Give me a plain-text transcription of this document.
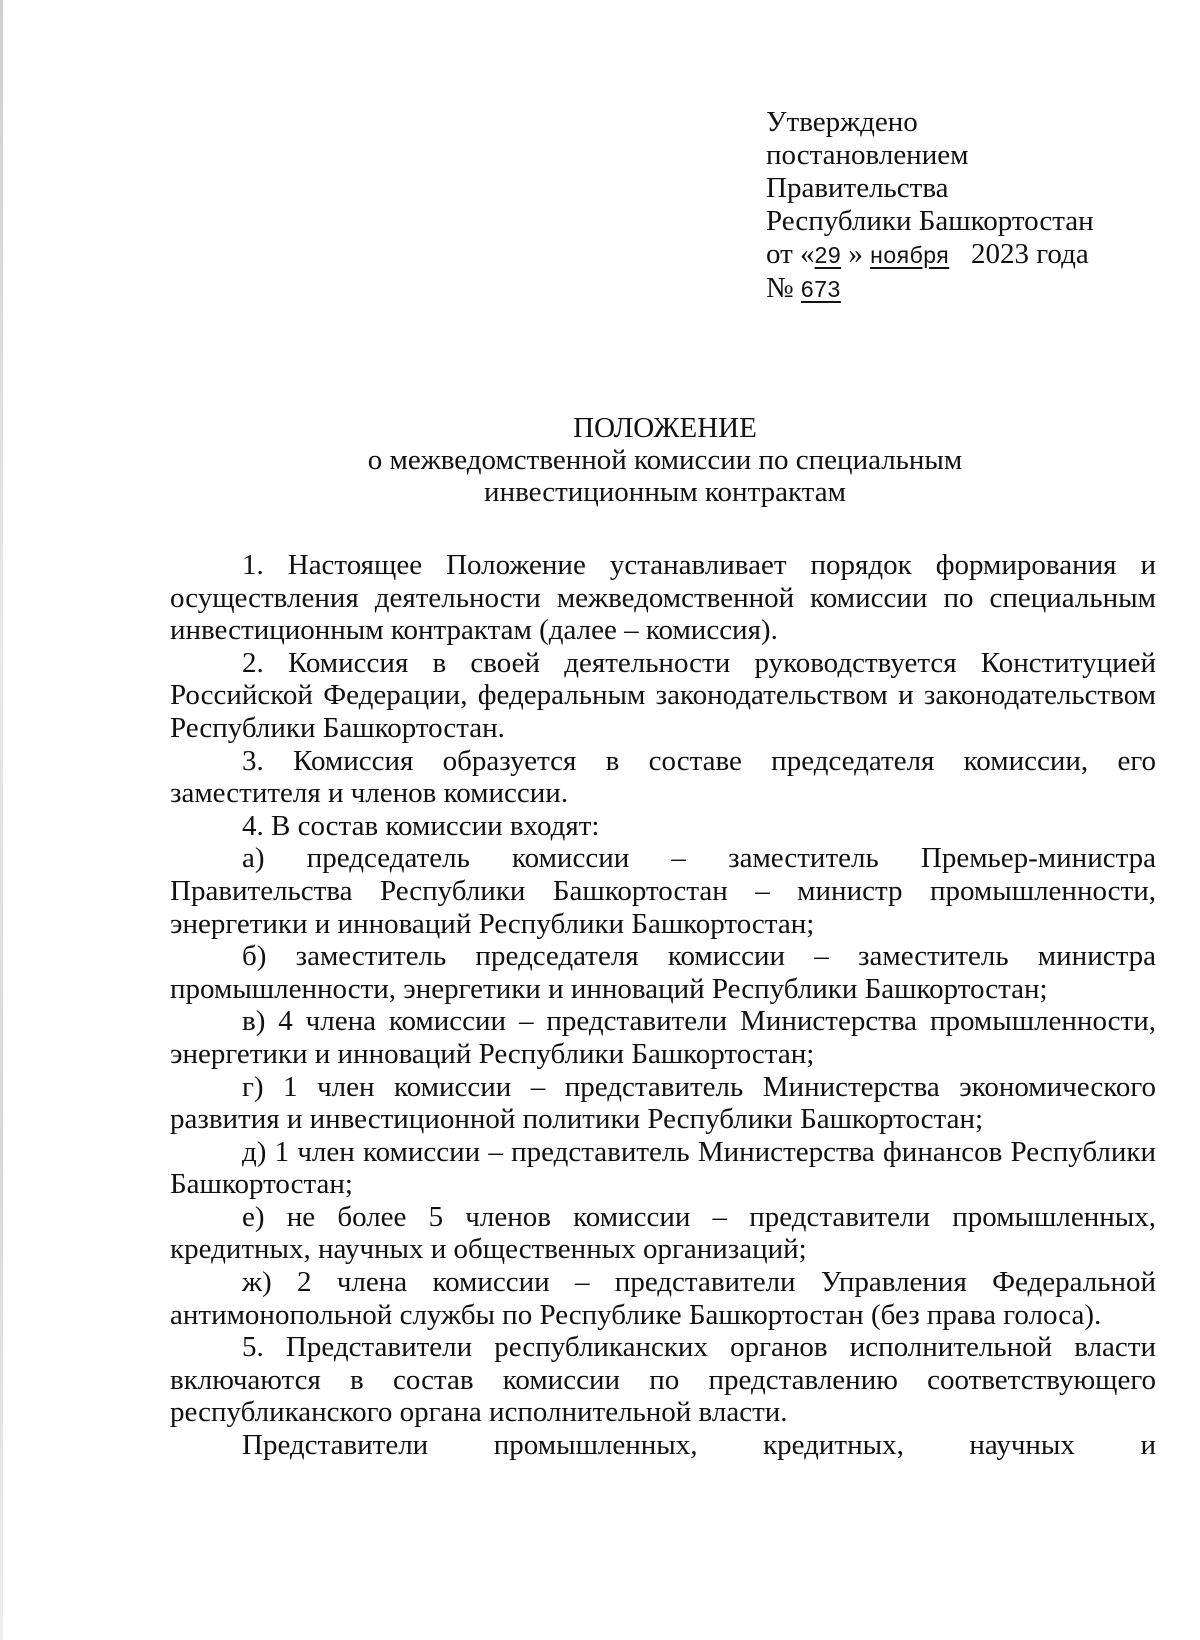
Утверждено
постановлением
Правительства
Республики Башкортостан
от «29 » ноября 2023 года
№ 673
ПОЛОЖЕНИЕ
о межведомственной комиссии по специальным
инвестиционным контрактам

1. Настоящее Положение устанавливает порядок формирования и осуществления деятельности межведомственной комиссии по специальным инвестиционным контрактам (далее – комиссия).

2. Комиссия в своей деятельности руководствуется Конституцией Российской Федерации, федеральным законодательством и законодательством Республики Башкортостан.

3. Комиссия образуется в составе председателя комиссии, его заместителя и членов комиссии.

4. В состав комиссии входят:

а) председатель комиссии – заместитель Премьер-министра Правительства Республики Башкортостан – министр промышленности, энергетики и инноваций Республики Башкортостан;

б) заместитель председателя комиссии – заместитель министра промышленности, энергетики и инноваций Республики Башкортостан;

в) 4 члена комиссии – представители Министерства промышленности, энергетики и инноваций Республики Башкортостан;

г) 1 член комиссии – представитель Министерства экономического развития и инвестиционной политики Республики Башкортостан;

д) 1 член комиссии – представитель Министерства финансов Республики Башкортостан;

е) не более 5 членов комиссии – представители промышленных, кредитных, научных и общественных организаций;

ж) 2 члена комиссии – представители Управления Федеральной антимонопольной службы по Республике Башкортостан (без права голоса).

5. Представители республиканских органов исполнительной власти включаются в состав комиссии по представлению соответствующего республиканского органа исполнительной власти.

Представители промышленных, кредитных, научных и
